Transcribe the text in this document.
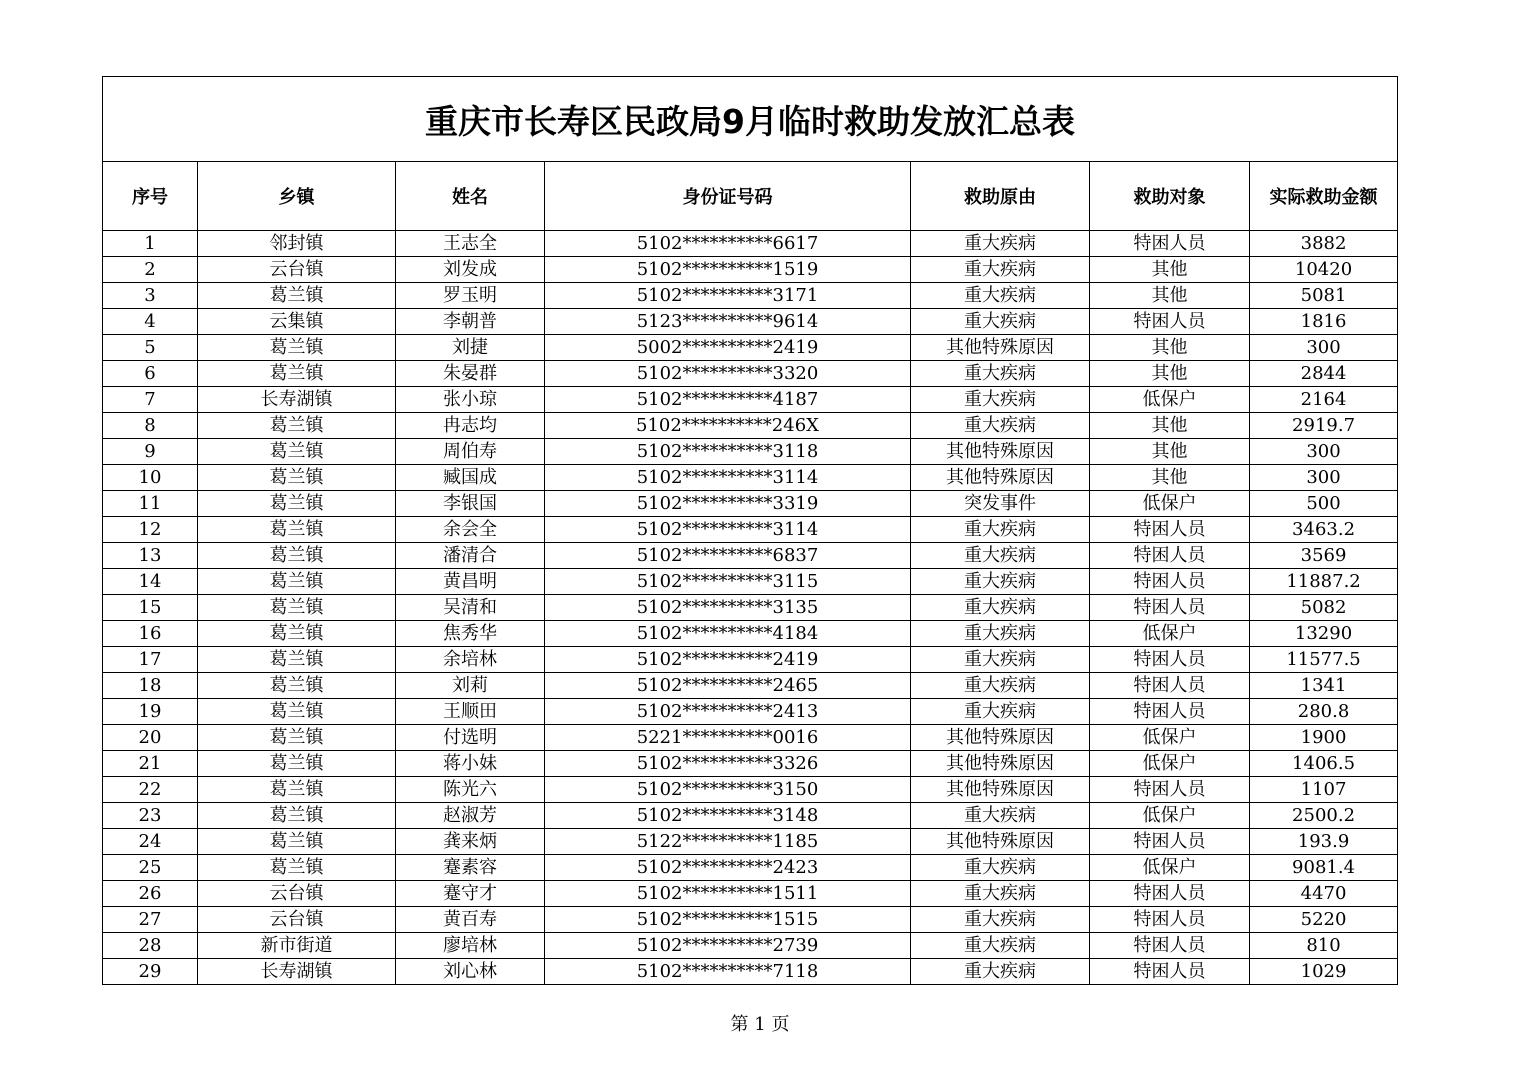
重庆市长寿区民政局9月临时救助发放汇总表						
序号	乡镇	姓名	身份证号码	救助原由	救助对象	实际救助金额
1	邻封镇	王志全	5102**********6617	重大疾病	特困人员	3882
2	云台镇	刘发成	5102**********1519	重大疾病	其他	10420
3	葛兰镇	罗玉明	5102**********3171	重大疾病	其他	5081
4	云集镇	李朝普	5123**********9614	重大疾病	特困人员	1816
5	葛兰镇	刘捷	5002**********2419	其他特殊原因	其他	300
6	葛兰镇	朱晏群	5102**********3320	重大疾病	其他	2844
7	长寿湖镇	张小琼	5102**********4187	重大疾病	低保户	2164
8	葛兰镇	冉志均	5102**********246X	重大疾病	其他	2919.7
9	葛兰镇	周伯寿	5102**********3118	其他特殊原因	其他	300
10	葛兰镇	臧国成	5102**********3114	其他特殊原因	其他	300
11	葛兰镇	李银国	5102**********3319	突发事件	低保户	500
12	葛兰镇	余会全	5102**********3114	重大疾病	特困人员	3463.2
13	葛兰镇	潘清合	5102**********6837	重大疾病	特困人员	3569
14	葛兰镇	黄昌明	5102**********3115	重大疾病	特困人员	11887.2
15	葛兰镇	吴清和	5102**********3135	重大疾病	特困人员	5082
16	葛兰镇	焦秀华	5102**********4184	重大疾病	低保户	13290
17	葛兰镇	余培林	5102**********2419	重大疾病	特困人员	11577.5
18	葛兰镇	刘莉	5102**********2465	重大疾病	特困人员	1341
19	葛兰镇	王顺田	5102**********2413	重大疾病	特困人员	280.8
20	葛兰镇	付选明	5221**********0016	其他特殊原因	低保户	1900
21	葛兰镇	蒋小妹	5102**********3326	其他特殊原因	低保户	1406.5
22	葛兰镇	陈光六	5102**********3150	其他特殊原因	特困人员	1107
23	葛兰镇	赵淑芳	5102**********3148	重大疾病	低保户	2500.2
24	葛兰镇	龚来炳	5122**********1185	其他特殊原因	特困人员	193.9
25	葛兰镇	蹇素容	5102**********2423	重大疾病	低保户	9081.4
26	云台镇	蹇守才	5102**********1511	重大疾病	特困人员	4470
27	云台镇	黄百寿	5102**********1515	重大疾病	特困人员	5220
28	新市街道	廖培林	5102**********2739	重大疾病	特困人员	810
29	长寿湖镇	刘心林	5102**********7118	重大疾病	特困人员	1029
第 1 页
